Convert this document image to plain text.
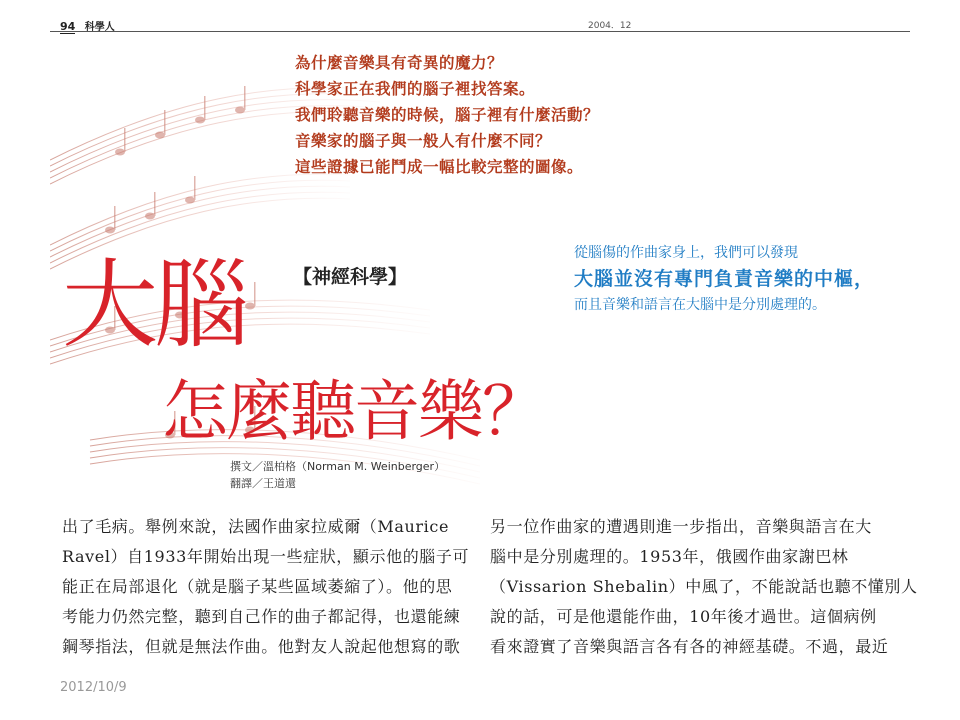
94 科學人	2004．12
為什麼音樂具有奇異的魔力？
科學家正在我們的腦子裡找答案。
我們聆聽音樂的時候，腦子裡有什麼活動？
音樂家的腦子與一般人有什麼不同？
這些證據已能鬥成一幅比較完整的圖像。
【神經科學】
大腦
怎麼聽音樂？
撰文／溫柏格（Norman M. Weinberger）
翻譯／王道還
從腦傷的作曲家身上，我們可以發現
大腦並沒有專門負責音樂的中樞，
而且音樂和語言在大腦中是分別處理的。
出了毛病。舉例來說，法國作曲家拉威爾（Maurice
Ravel）自1933年開始出現一些症狀，顯示他的腦子可
能正在局部退化（就是腦子某些區域萎縮了）。他的思
考能力仍然完整，聽到自己作的曲子都記得，也還能練
鋼琴指法，但就是無法作曲。他對友人說起他想寫的歌
另一位作曲家的遭遇則進一步指出，音樂與語言在大
腦中是分別處理的。1953年，俄國作曲家謝巴林
（Vissarion Shebalin）中風了，不能說話也聽不懂別人
說的話，可是他還能作曲，10年後才過世。這個病例
看來證實了音樂與語言各有各的神經基礎。不過，最近
2012/10/9
